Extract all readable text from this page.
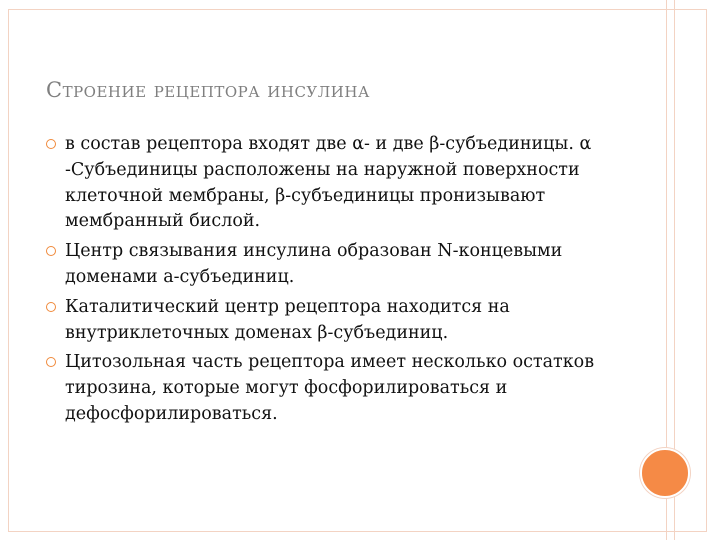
Строение рецептора инсулина
в состав рецептора входят две α- и две β-субъединицы. α -Субъединицы расположены на наружной поверхности клеточной мембраны, β-субъединицы пронизывают мембранный бислой.
Центр связывания инсулина образован N-концевыми доменами а-субъединиц.
Каталитический центр рецептора находится на внутриклеточных доменах β-субъединиц.
Цитозольная часть рецептора имеет несколько остатков тирозина, которые могут фосфорилироваться и дефосфорилироваться.
